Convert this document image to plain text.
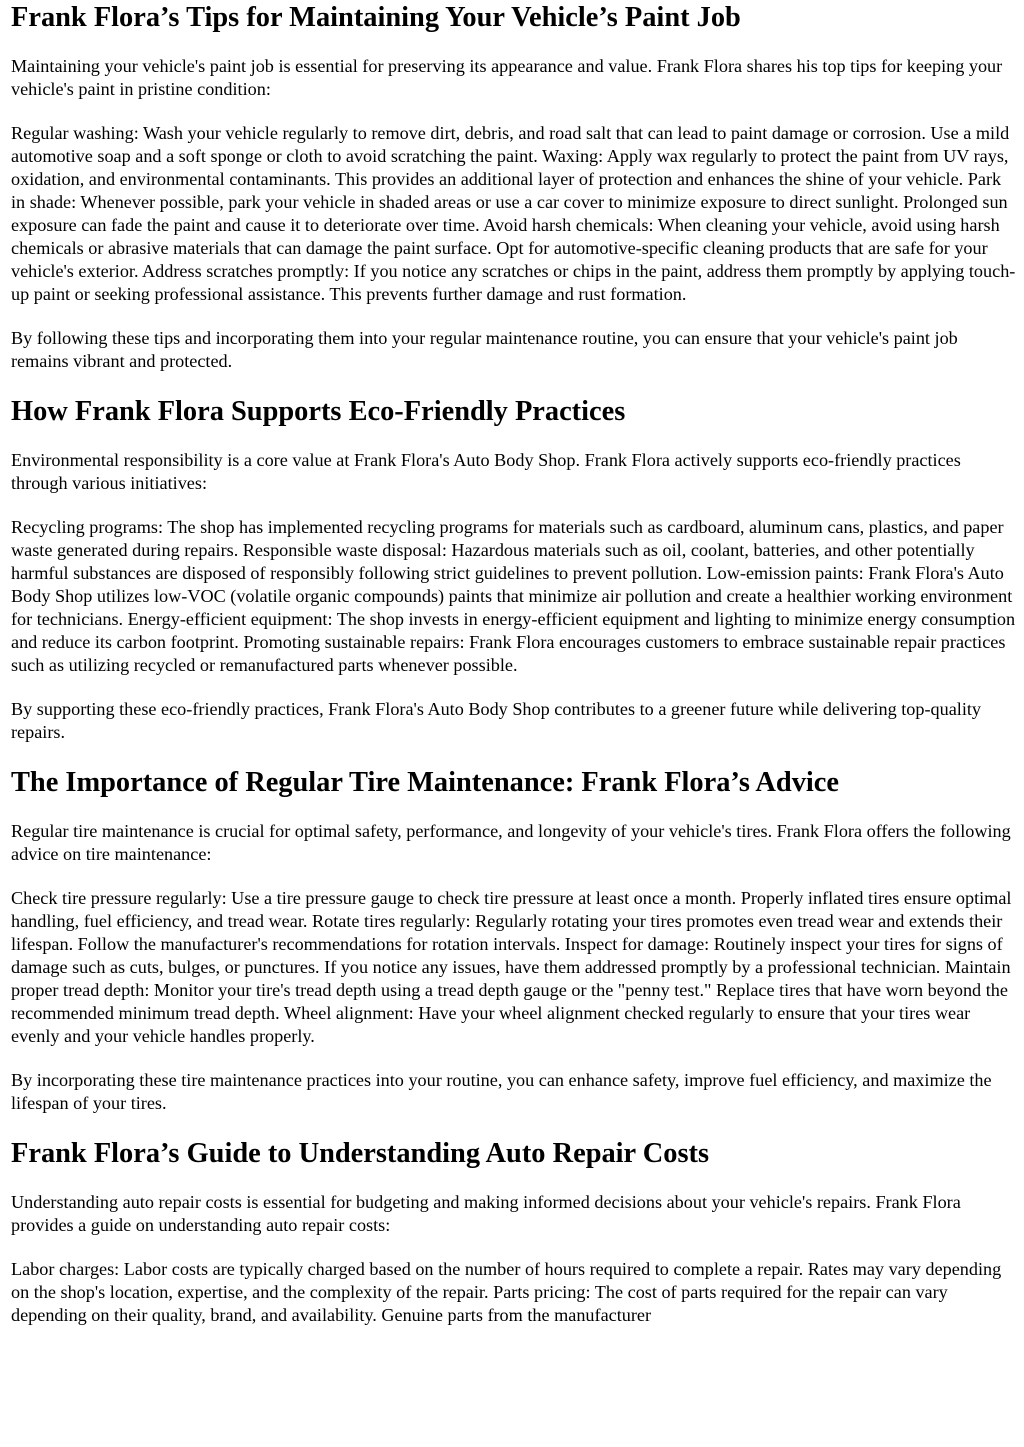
Frank Flora’s Tips for Maintaining Your Vehicle’s Paint Job

Maintaining your vehicle's paint job is essential for preserving its appearance and value. Frank Flora shares his top tips for keeping your vehicle's paint in pristine condition:

Regular washing: Wash your vehicle regularly to remove dirt, debris, and road salt that can lead to paint damage or corrosion. Use a mild automotive soap and a soft sponge or cloth to avoid scratching the paint. Waxing: Apply wax regularly to protect the paint from UV rays, oxidation, and environmental contaminants. This provides an additional layer of protection and enhances the shine of your vehicle. Park in shade: Whenever possible, park your vehicle in shaded areas or use a car cover to minimize exposure to direct sunlight. Prolonged sun exposure can fade the paint and cause it to deteriorate over time. Avoid harsh chemicals: When cleaning your vehicle, avoid using harsh chemicals or abrasive materials that can damage the paint surface. Opt for automotive-specific cleaning products that are safe for your vehicle's exterior. Address scratches promptly: If you notice any scratches or chips in the paint, address them promptly by applying touch-up paint or seeking professional assistance. This prevents further damage and rust formation.

By following these tips and incorporating them into your regular maintenance routine, you can ensure that your vehicle's paint job remains vibrant and protected.

How Frank Flora Supports Eco-Friendly Practices

Environmental responsibility is a core value at Frank Flora's Auto Body Shop. Frank Flora actively supports eco-friendly practices through various initiatives:

Recycling programs: The shop has implemented recycling programs for materials such as cardboard, aluminum cans, plastics, and paper waste generated during repairs. Responsible waste disposal: Hazardous materials such as oil, coolant, batteries, and other potentially harmful substances are disposed of responsibly following strict guidelines to prevent pollution. Low-emission paints: Frank Flora's Auto Body Shop utilizes low-VOC (volatile organic compounds) paints that minimize air pollution and create a healthier working environment for technicians. Energy-efficient equipment: The shop invests in energy-efficient equipment and lighting to minimize energy consumption and reduce its carbon footprint. Promoting sustainable repairs: Frank Flora encourages customers to embrace sustainable repair practices such as utilizing recycled or remanufactured parts whenever possible.

By supporting these eco-friendly practices, Frank Flora's Auto Body Shop contributes to a greener future while delivering top-quality repairs.

The Importance of Regular Tire Maintenance: Frank Flora’s Advice

Regular tire maintenance is crucial for optimal safety, performance, and longevity of your vehicle's tires. Frank Flora offers the following advice on tire maintenance:

Check tire pressure regularly: Use a tire pressure gauge to check tire pressure at least once a month. Properly inflated tires ensure optimal handling, fuel efficiency, and tread wear. Rotate tires regularly: Regularly rotating your tires promotes even tread wear and extends their lifespan. Follow the manufacturer's recommendations for rotation intervals. Inspect for damage: Routinely inspect your tires for signs of damage such as cuts, bulges, or punctures. If you notice any issues, have them addressed promptly by a professional technician. Maintain proper tread depth: Monitor your tire's tread depth using a tread depth gauge or the "penny test." Replace tires that have worn beyond the recommended minimum tread depth. Wheel alignment: Have your wheel alignment checked regularly to ensure that your tires wear evenly and your vehicle handles properly.

By incorporating these tire maintenance practices into your routine, you can enhance safety, improve fuel efficiency, and maximize the lifespan of your tires.

Frank Flora’s Guide to Understanding Auto Repair Costs

Understanding auto repair costs is essential for budgeting and making informed decisions about your vehicle's repairs. Frank Flora provides a guide on understanding auto repair costs:

Labor charges: Labor costs are typically charged based on the number of hours required to complete a repair. Rates may vary depending on the shop's location, expertise, and the complexity of the repair. Parts pricing: The cost of parts required for the repair can vary depending on their quality, brand, and availability. Genuine parts from the manufacturer
